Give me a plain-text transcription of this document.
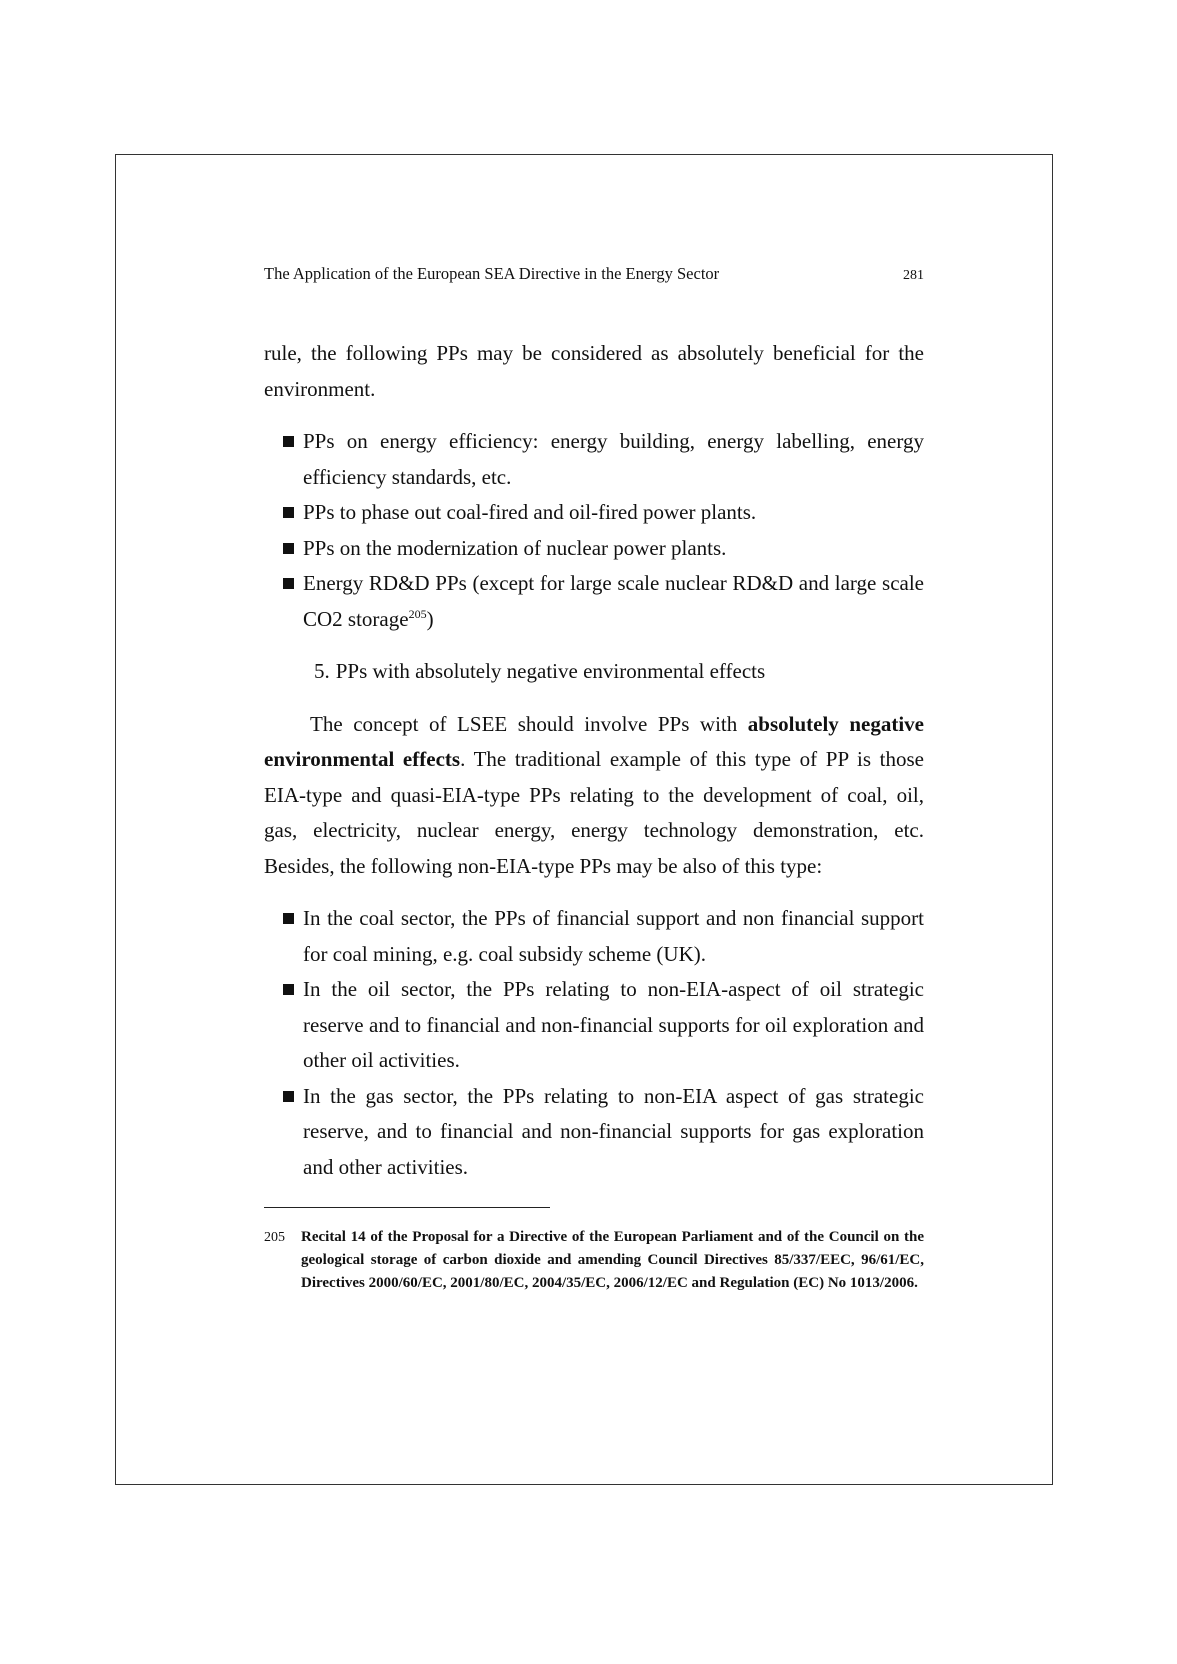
The Application of the European SEA Directive in the Energy Sector	281

rule, the following PPs may be considered as absolutely beneficial for the environment.

PPs on energy efficiency: energy building, energy labelling, energy efficiency standards, etc.
PPs to phase out coal-fired and oil-fired power plants.
PPs on the modernization of nuclear power plants.
Energy RD&D PPs (except for large scale nuclear RD&D and large scale CO2 storage$^{205}$)
5. PPs with absolutely negative environmental effects

The concept of LSEE should involve PPs with absolutely negative environmental effects. The traditional example of this type of PP is those EIA-type and quasi-EIA-type PPs relating to the development of coal, oil, gas, electricity, nuclear energy, energy technology demonstration, etc. Besides, the following non-EIA-type PPs may be also of this type:

In the coal sector, the PPs of financial support and non financial support for coal mining, e.g. coal subsidy scheme (UK).
In the oil sector, the PPs relating to non-EIA-aspect of oil strategic reserve and to financial and non-financial supports for oil exploration and other oil activities.
In the gas sector, the PPs relating to non-EIA aspect of gas strategic reserve, and to financial and non-financial supports for gas exploration and other activities.
205 Recital 14 of the Proposal for a Directive of the European Parliament and of the Council on the geological storage of carbon dioxide and amending Council Directives 85/337/EEC, 96/61/EC, Directives 2000/60/EC, 2001/80/EC, 2004/35/EC, 2006/12/EC and Regulation (EC) No 1013/2006.
